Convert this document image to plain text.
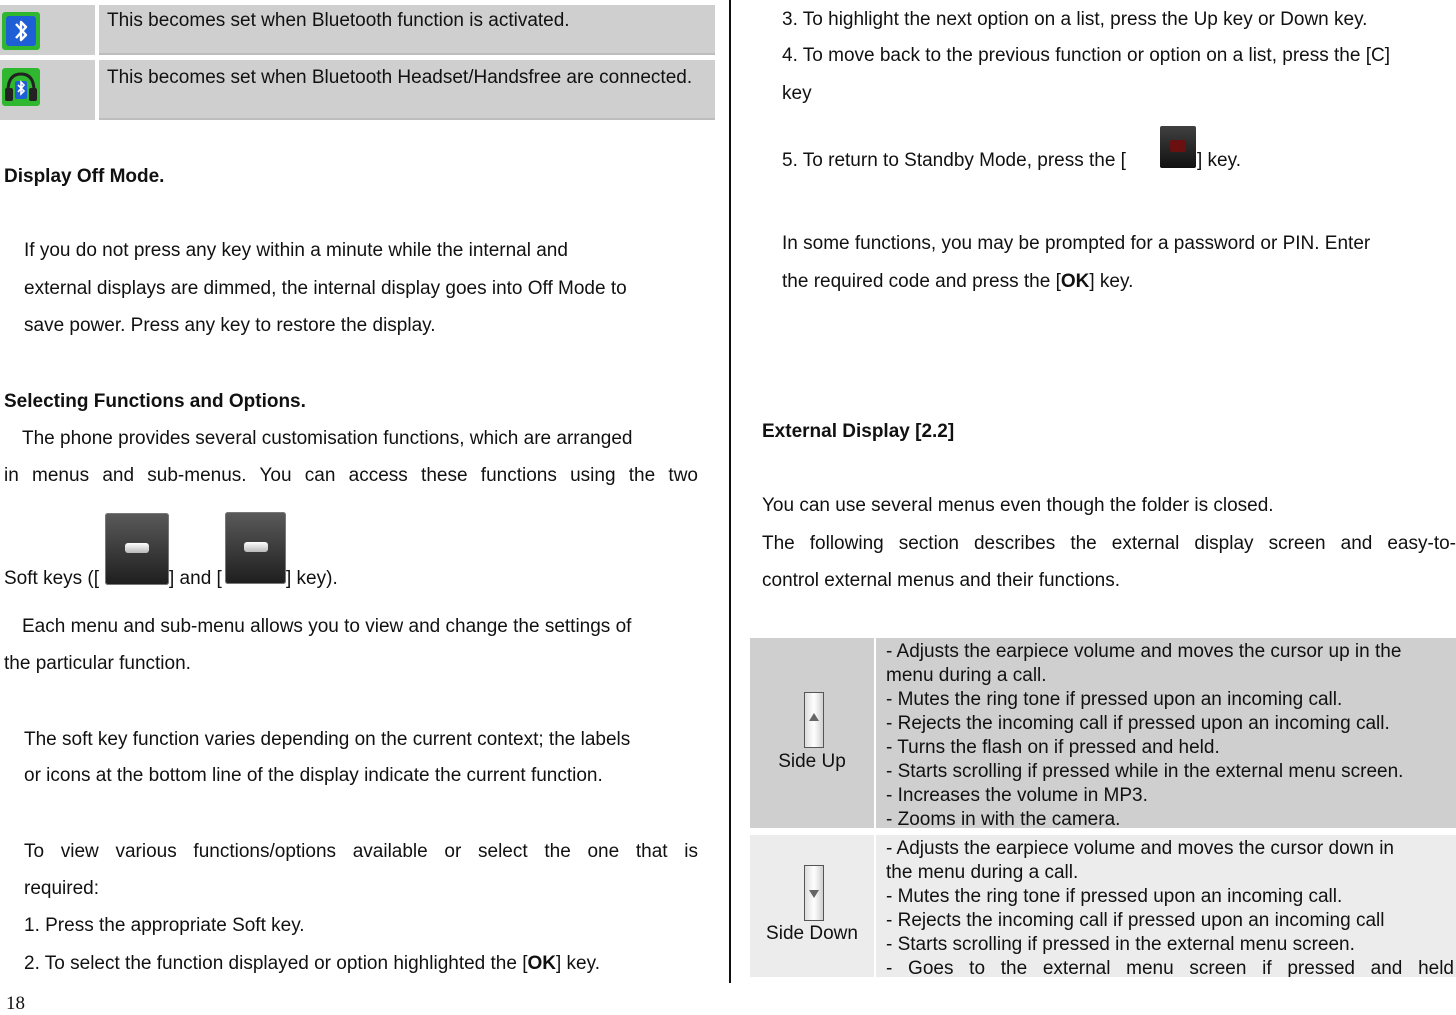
This becomes set when Bluetooth function is activated.
This becomes set when Bluetooth Headset/Handsfree are connected.
Display Off Mode.
If you do not press any key within a minute while the internal and
external displays are dimmed, the internal display goes into Off Mode to
save power. Press any key to restore the display.
Selecting Functions and Options.
The phone provides several customisation functions, which are arranged
in menus and sub-menus. You can access these functions using the two
Soft keys ([	] and [	] key).
Each menu and sub-menu allows you to view and change the settings of
the particular function.
The soft key function varies depending on the current context; the labels
or icons at the bottom line of the display indicate the current function.
To view various functions/options available or select the one that is
required:
1. Press the appropriate Soft key.
2. To select the function displayed or option highlighted the [OK] key.
18
3. To highlight the next option on a list, press the Up key or Down key.
4. To move back to the previous function or option on a list, press the [C]
key
5. To return to Standby Mode, press the [	] key.
In some functions, you may be prompted for a password or PIN. Enter
the required code and press the [OK] key.
External Display [2.2]
You can use several menus even though the folder is closed.
The following section describes the external display screen and easy-to-
control external menus and their functions.
Side Up
- Adjusts the earpiece volume and moves the cursor up in the
menu during a call.
- Mutes the ring tone if pressed upon an incoming call.
- Rejects the incoming call if pressed upon an incoming call.
- Turns the flash on if pressed and held.
- Starts scrolling if pressed while in the external menu screen.
- Increases the volume in MP3.
- Zooms in with the camera.
Side Down
- Adjusts the earpiece volume and moves the cursor down in
the menu during a call.
- Mutes the ring tone if pressed upon an incoming call.
- Rejects the incoming call if pressed upon an incoming call
- Starts scrolling if pressed in the external menu screen.
- Goes to the external menu screen if pressed and held
